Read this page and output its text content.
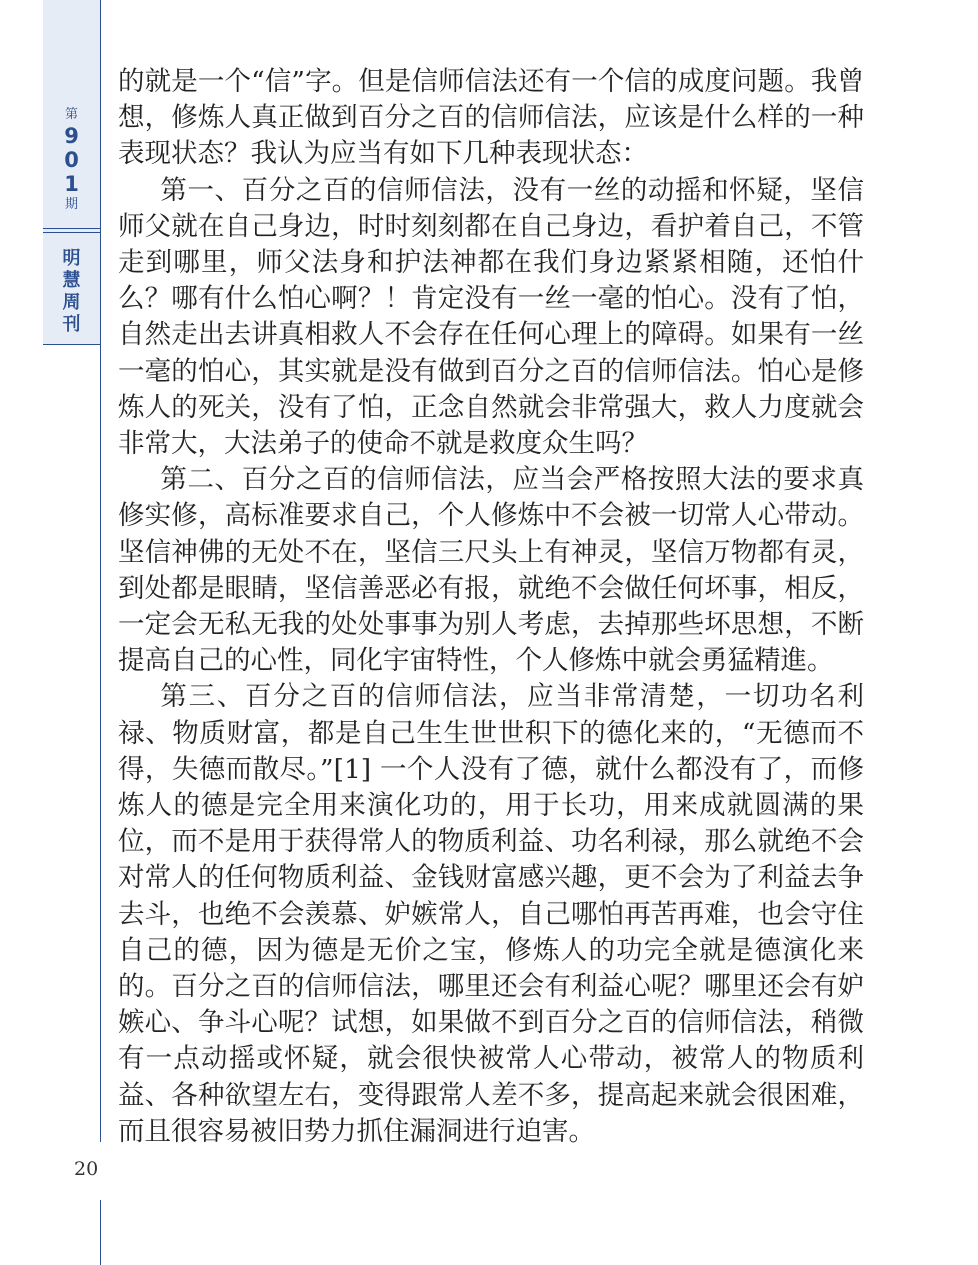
第
9
0
1
期
明
慧
周
刊
20

的就是一个“信”字。但是信师信法还有一个信的成度问题。我曾想，修炼人真正做到百分之百的信师信法，应该是什么样的一种表现状态？我认为应当有如下几种表现状态：

第一、百分之百的信师信法，没有一丝的动摇和怀疑，坚信师父就在自己身边，时时刻刻都在自己身边，看护着自己，不管走到哪里，师父法身和护法神都在我们身边紧紧相随，还怕什么？哪有什么怕心啊？！肯定没有一丝一毫的怕心。没有了怕，自然走出去讲真相救人不会存在任何心理上的障碍。如果有一丝一毫的怕心，其实就是没有做到百分之百的信师信法。怕心是修炼人的死关，没有了怕，正念自然就会非常强大，救人力度就会非常大，大法弟子的使命不就是救度众生吗？

第二、百分之百的信师信法，应当会严格按照大法的要求真修实修，高标准要求自己，个人修炼中不会被一切常人心带动。坚信神佛的无处不在，坚信三尺头上有神灵，坚信万物都有灵，到处都是眼睛，坚信善恶必有报，就绝不会做任何坏事，相反，一定会无私无我的处处事事为别人考虑，去掉那些坏思想，不断提高自己的心性，同化宇宙特性，个人修炼中就会勇猛精進。

第三、百分之百的信师信法，应当非常清楚，一切功名利禄、物质财富，都是自己生生世世积下的德化来的，“无德而不得，失德而散尽。”[1] 一个人没有了德，就什么都没有了，而修炼人的德是完全用来演化功的，用于长功，用来成就圆满的果位，而不是用于获得常人的物质利益、功名利禄，那么就绝不会对常人的任何物质利益、金钱财富感兴趣，更不会为了利益去争去斗，也绝不会羡慕、妒嫉常人，自己哪怕再苦再难，也会守住自己的德，因为德是无价之宝，修炼人的功完全就是德演化来的。百分之百的信师信法，哪里还会有利益心呢？哪里还会有妒嫉心、争斗心呢？试想，如果做不到百分之百的信师信法，稍微有一点动摇或怀疑，就会很快被常人心带动，被常人的物质利益、各种欲望左右，变得跟常人差不多，提高起来就会很困难，而且很容易被旧势力抓住漏洞进行迫害。
